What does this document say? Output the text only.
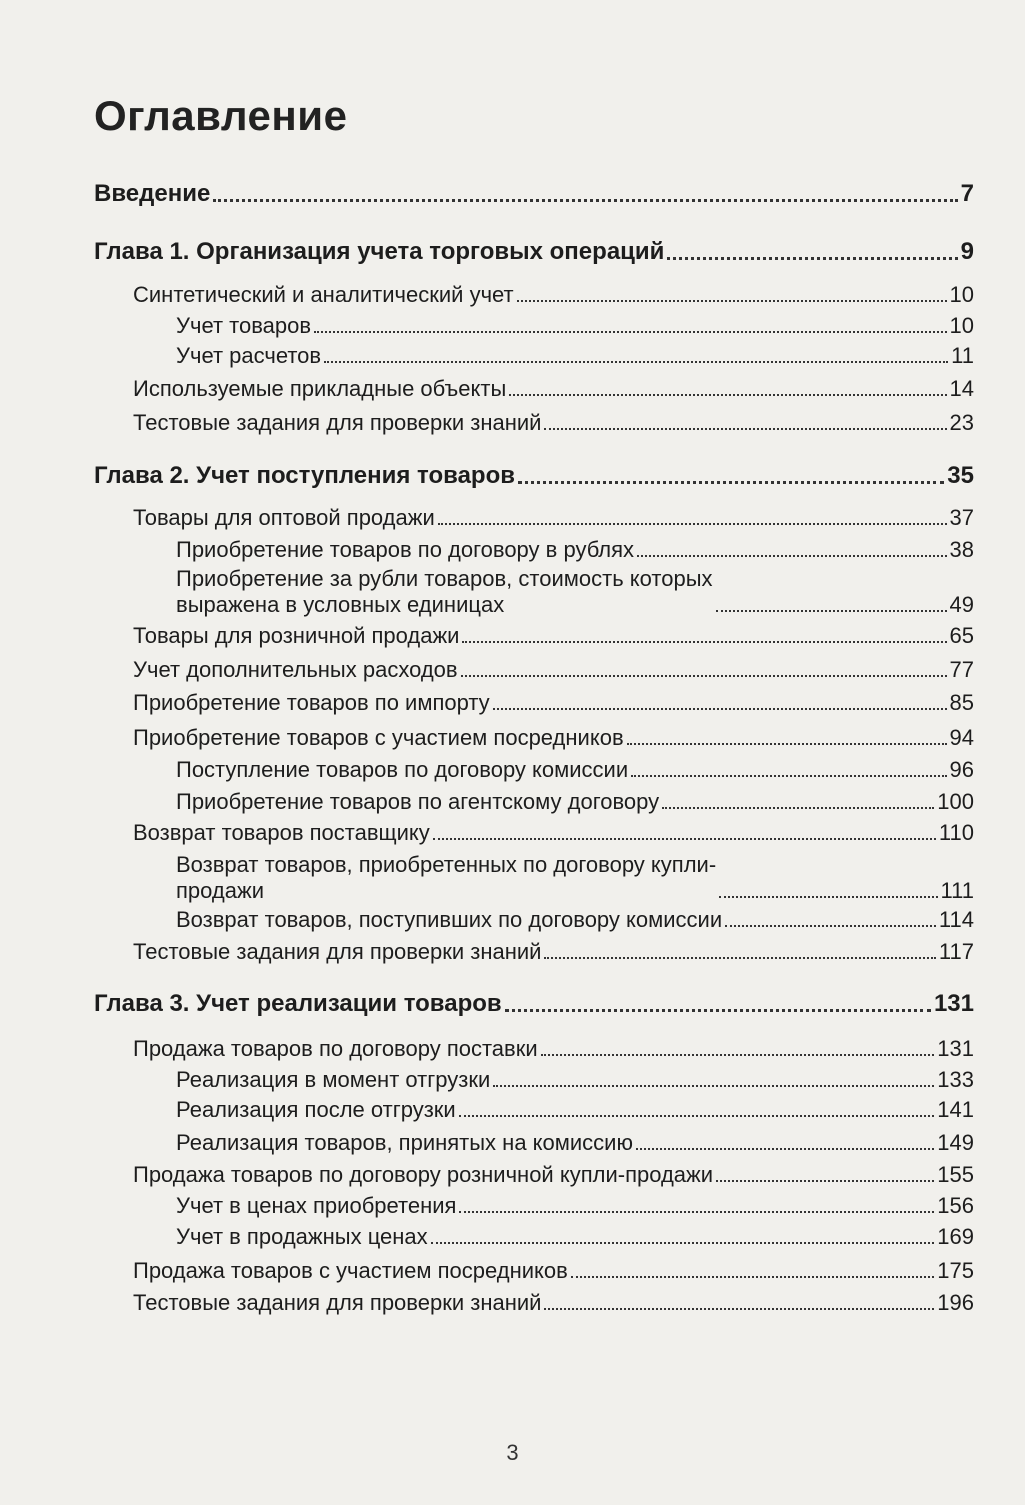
Оглавление
Введение	7
Глава 1. Организация учета торговых операций	9
Синтетический и аналитический учет	10
Учет товаров	10
Учет расчетов	11
Используемые прикладные объекты	14
Тестовые задания для проверки знаний	23
Глава 2. Учет поступления товаров	35
Товары для оптовой продажи	37
Приобретение товаров по договору в рублях	38
Приобретение за рубли товаров, стоимость которых
выражена в условных единицах	49
Товары для розничной продажи	65
Учет дополнительных расходов	77
Приобретение товаров по импорту	85
Приобретение товаров с участием посредников	94
Поступление товаров по договору комиссии	96
Приобретение товаров по агентскому договору	100
Возврат товаров поставщику	110
Возврат товаров, приобретенных по договору купли-
продажи	111
Возврат товаров, поступивших по договору комиссии	114
Тестовые задания для проверки знаний	117
Глава 3. Учет реализации товаров	131
Продажа товаров по договору поставки	131
Реализация в момент отгрузки	133
Реализация после отгрузки	141
Реализация товаров, принятых на комиссию	149
Продажа товаров по договору розничной купли-продажи	155
Учет в ценах приобретения	156
Учет в продажных ценах	169
Продажа товаров с участием посредников	175
Тестовые задания для проверки знаний	196
3
